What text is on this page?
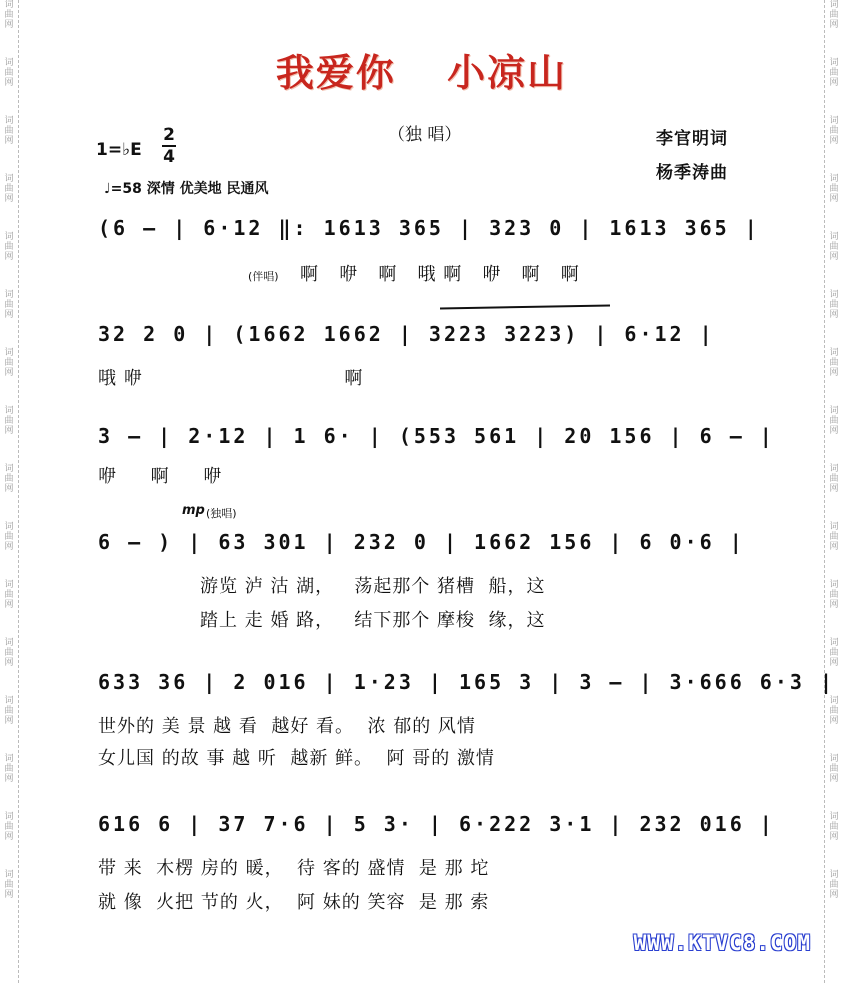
词
曲
网
词
曲
网
词
曲
网
词
曲
网
词
曲
网
词
曲
网
词
曲
网
词
曲
网
词
曲
网
词
曲
网
词
曲
网
词
曲
网
词
曲
网
词
曲
网
词
曲
网
词
曲
网
词
曲
网
词
曲
网
词
曲
网
词
曲
网
词
曲
网
词
曲
网
词
曲
网
词
曲
网
词
曲
网
词
曲
网
词
曲
网
词
曲
网
词
曲
网
词
曲
网
词
曲
网
词
曲
网
我爱你 小凉山
1=♭E
2
4
（独 唱）	李官明词
杨季涛曲
♩=58 深情 优美地 民通风
(伴唱)
mp (独唱)
(6 — | 6·12 ‖: 1613 365 | 323 0 | 1613 365 |
啊   咿   啊   哦 啊   咿   啊   啊
32 2 0 | (1662 1662 | 3223 3223) | 6·12 |
哦 咿                              啊
3 — | 2·12 | 1 6· | (553 561 | 20 156 | 6 — |
咿     啊     咿
6 — ) | 63 301 | 232 0 | 1662 156 | 6 0·6 |
游览 泸 沽 湖，   荡起那个 猪槽  船，这
踏上 走 婚 路，   结下那个 摩梭  缘，这
633 36 | 2 016 | 1·23 | 165 3 | 3 — | 3·666 6·3 |
世外的 美 景 越 看  越好 看。  浓 郁的 风情
女儿国 的故 事 越 听  越新 鲜。  阿 哥的 激情
616 6 | 37 7·6 | 5 3· | 6·222 3·1 | 232 016 |
带 来  木楞 房的 暖，  待 客的 盛情  是 那 坨
就 像  火把 节的 火，  阿 妹的 笑容  是 那 索
WWW.KTVC8.COM
